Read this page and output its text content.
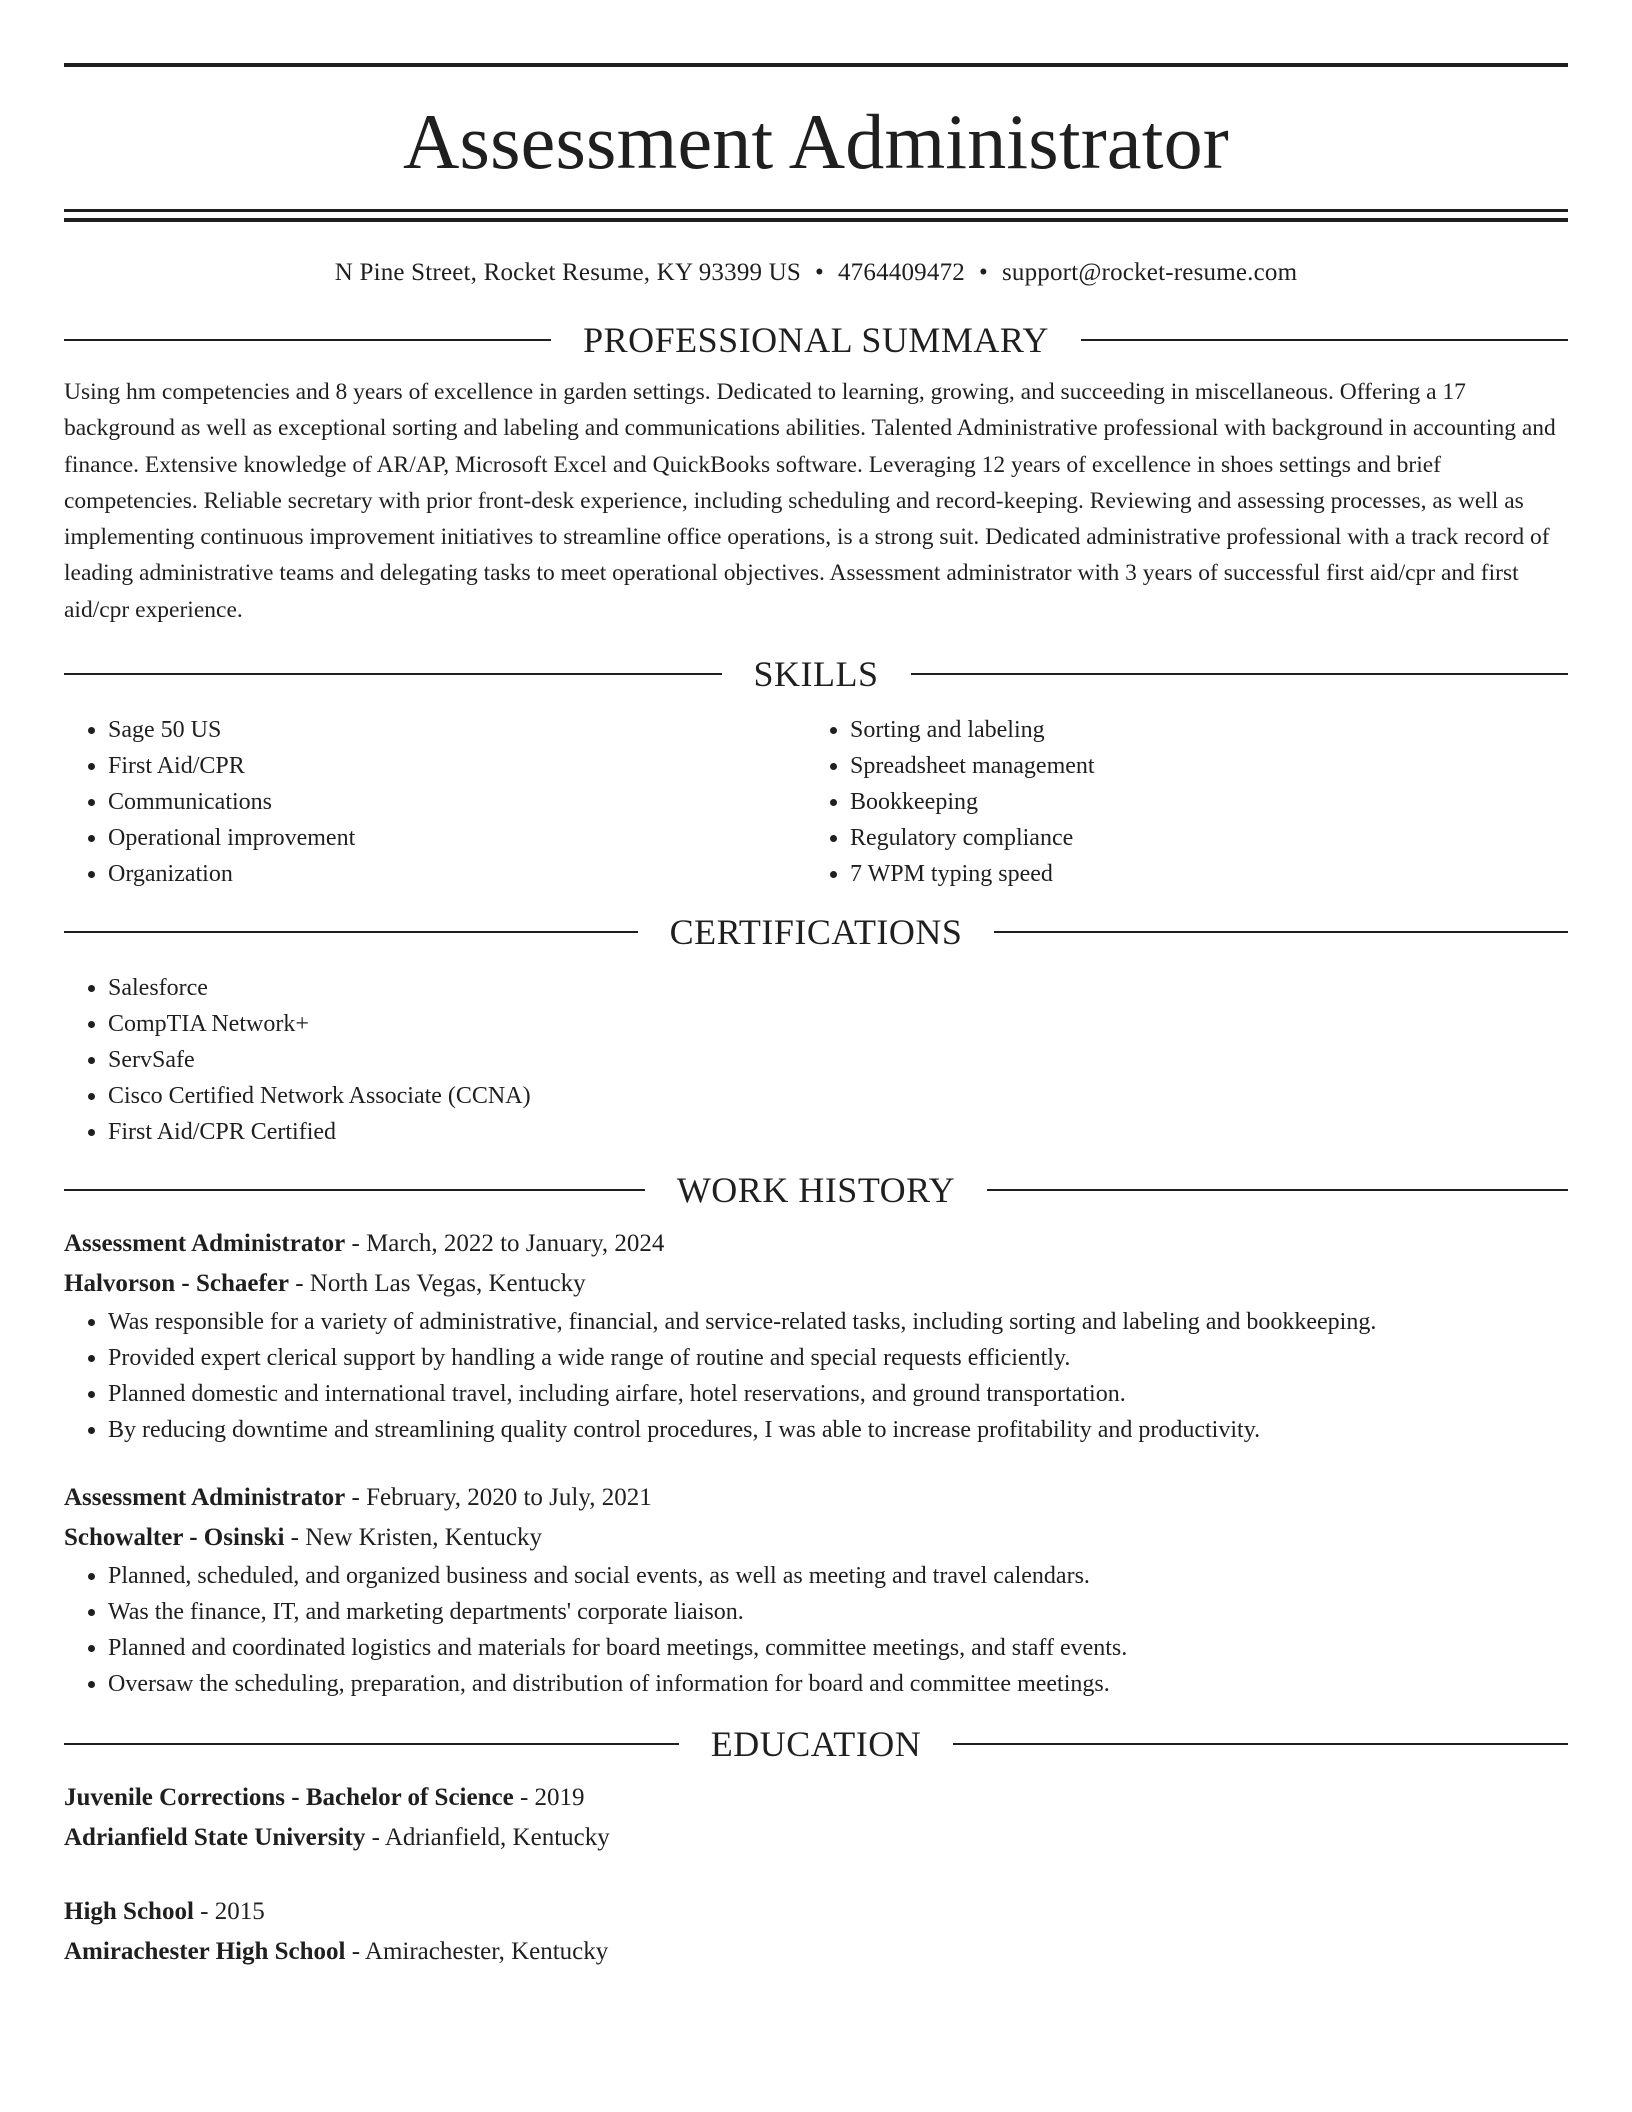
Assessment Administrator
N Pine Street, Rocket Resume, KY 93399 US • 4764409472 • support@rocket-resume.com
PROFESSIONAL SUMMARY

Using hm competencies and 8 years of excellence in garden settings. Dedicated to learning, growing, and succeeding in miscellaneous. Offering a 17 background as well as exceptional sorting and labeling and communications abilities. Talented Administrative professional with background in accounting and finance. Extensive knowledge of AR/AP, Microsoft Excel and QuickBooks software. Leveraging 12 years of excellence in shoes settings and brief competencies. Reliable secretary with prior front-desk experience, including scheduling and record-keeping. Reviewing and assessing processes, as well as implementing continuous improvement initiatives to streamline office operations, is a strong suit. Dedicated administrative professional with a track record of leading administrative teams and delegating tasks to meet operational objectives. Assessment administrator with 3 years of successful first aid/cpr and first aid/cpr experience.

SKILLS
• Sage 50 US
• First Aid/CPR
• Communications
• Operational improvement
• Organization
• Sorting and labeling
• Spreadsheet management
• Bookkeeping
• Regulatory compliance
• 7 WPM typing speed
CERTIFICATIONS
• Salesforce
• CompTIA Network+
• ServSafe
• Cisco Certified Network Associate (CCNA)
• First Aid/CPR Certified
WORK HISTORY
Assessment Administrator - March, 2022 to January, 2024
Halvorson - Schaefer - North Las Vegas, Kentucky
• Was responsible for a variety of administrative, financial, and service-related tasks, including sorting and labeling and bookkeeping.
• Provided expert clerical support by handling a wide range of routine and special requests efficiently.
• Planned domestic and international travel, including airfare, hotel reservations, and ground transportation.
• By reducing downtime and streamlining quality control procedures, I was able to increase profitability and productivity.
Assessment Administrator - February, 2020 to July, 2021
Schowalter - Osinski - New Kristen, Kentucky
• Planned, scheduled, and organized business and social events, as well as meeting and travel calendars.
• Was the finance, IT, and marketing departments' corporate liaison.
• Planned and coordinated logistics and materials for board meetings, committee meetings, and staff events.
• Oversaw the scheduling, preparation, and distribution of information for board and committee meetings.
EDUCATION
Juvenile Corrections - Bachelor of Science - 2019
Adrianfield State University - Adrianfield, Kentucky
High School - 2015
Amirachester High School - Amirachester, Kentucky
